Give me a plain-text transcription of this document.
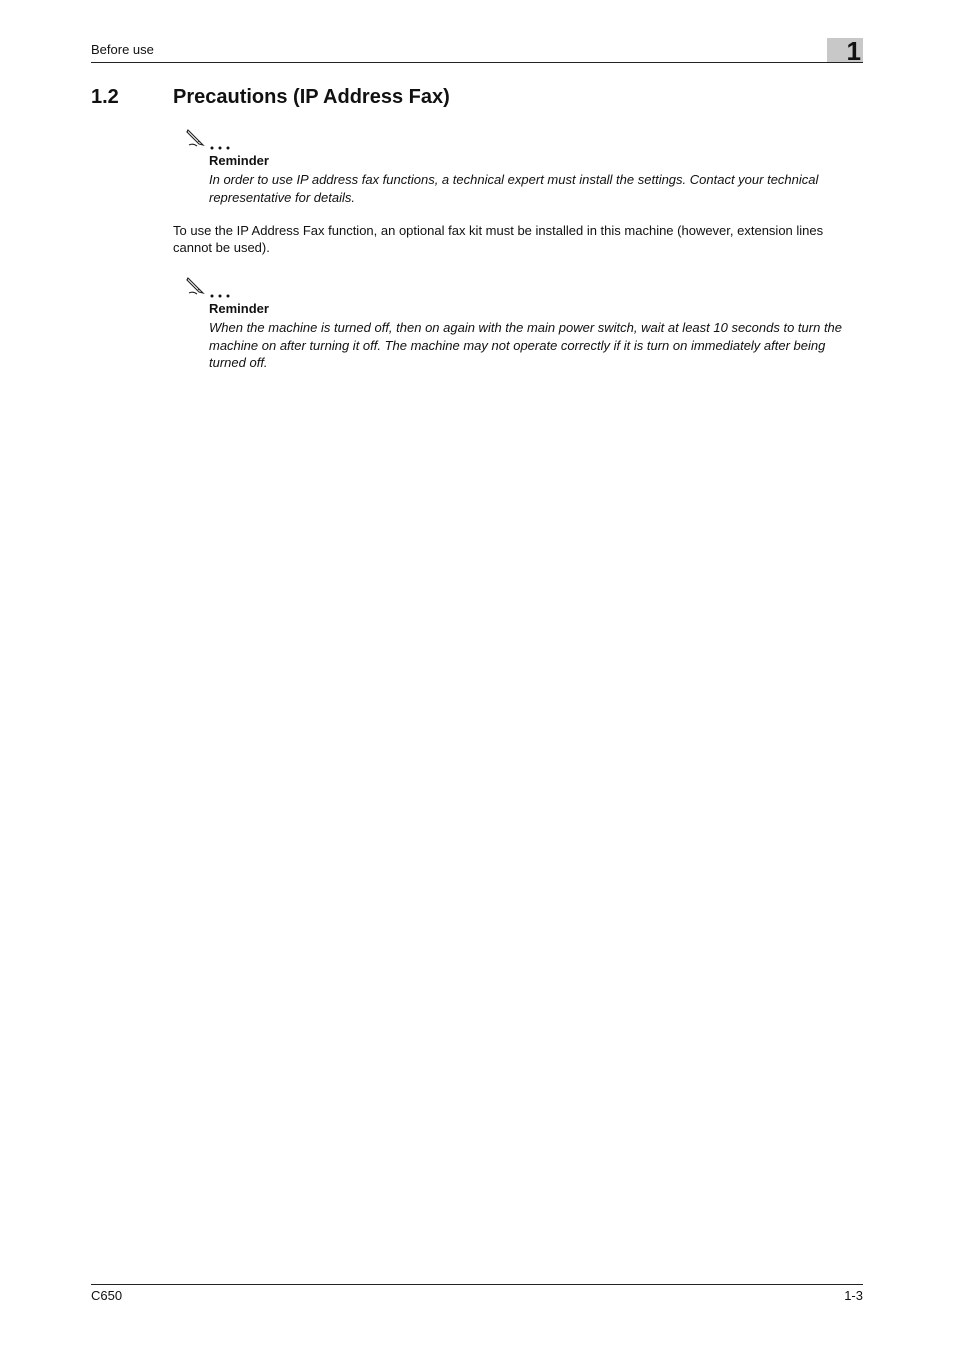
Before use	1
1.2	Precautions (IP Address Fax)
Reminder
In order to use IP address fax functions, a technical expert must install the settings. Contact your technical representative for details.
To use the IP Address Fax function, an optional fax kit must be installed in this machine (however, extension lines cannot be used).
Reminder
When the machine is turned off, then on again with the main power switch, wait at least 10 seconds to turn the machine on after turning it off. The machine may not operate correctly if it is turn on immediately after being turned off.
C650	1-3
